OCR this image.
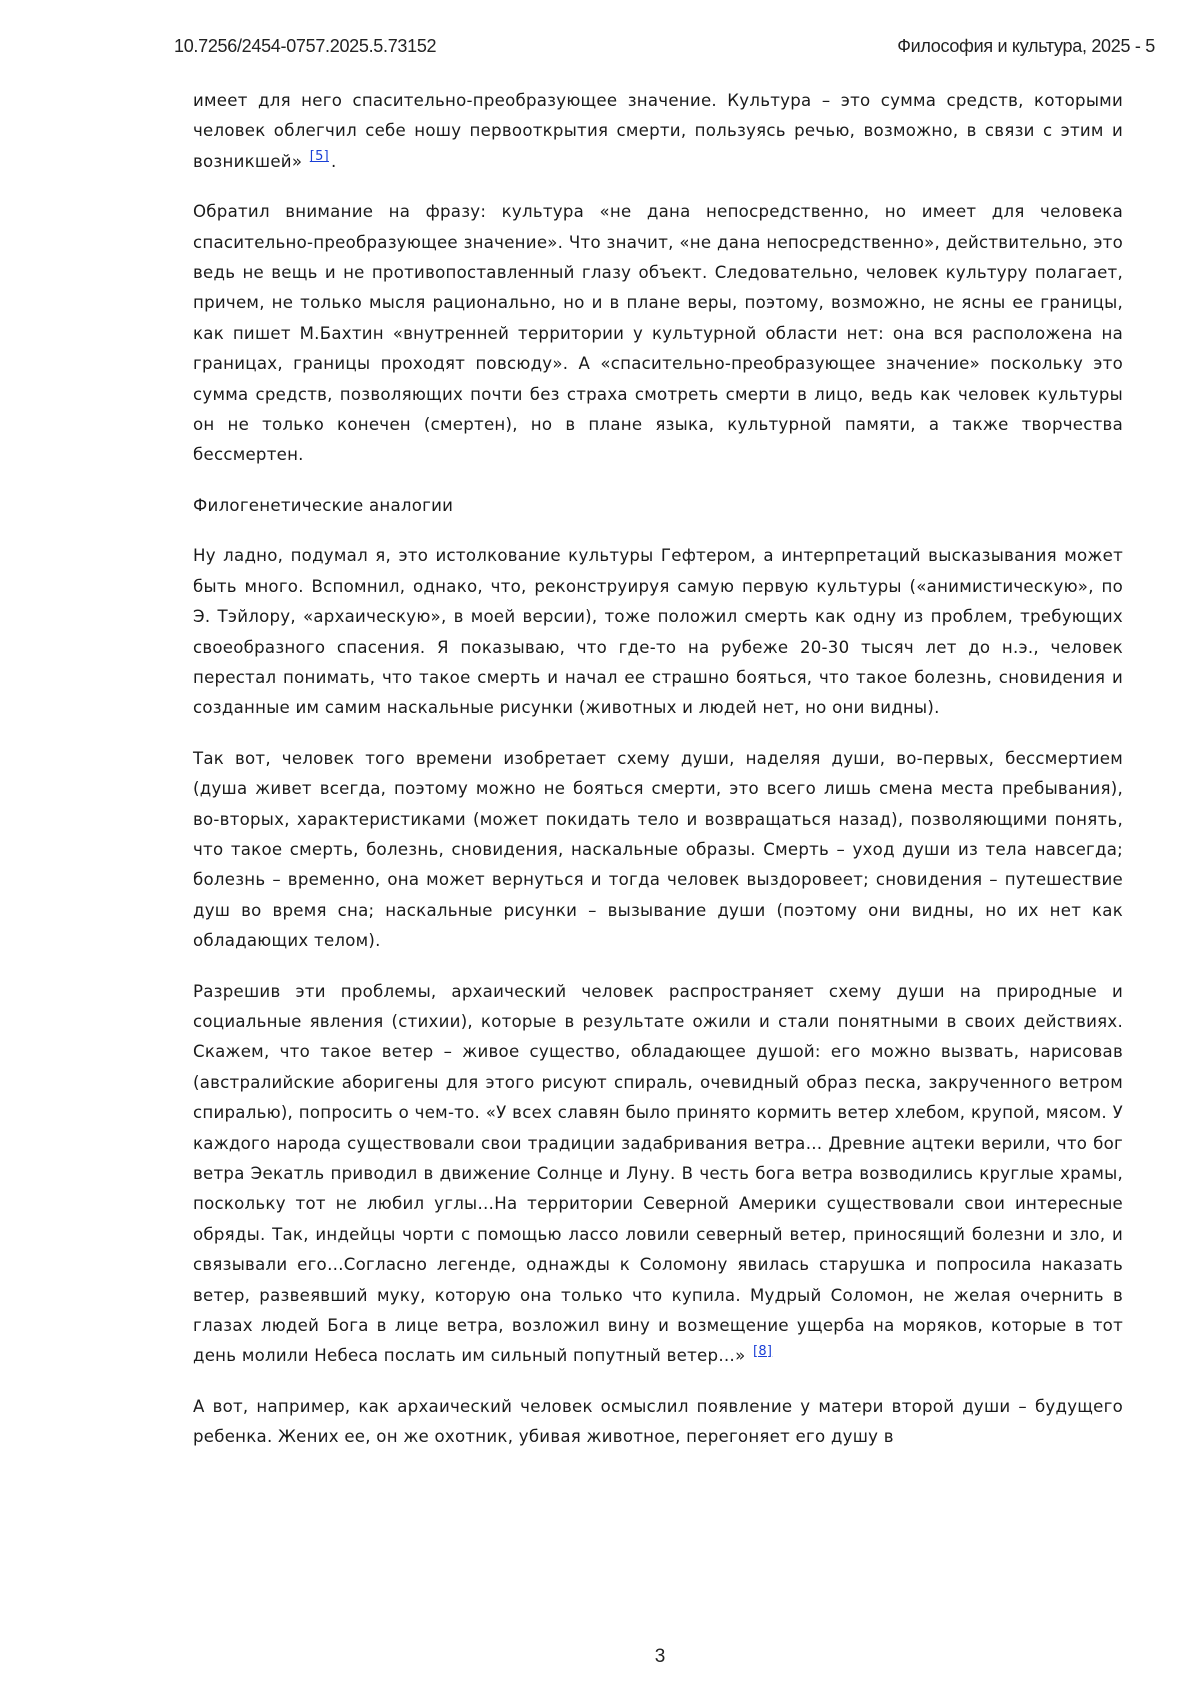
10.7256/2454-0757.2025.5.73152	Философия и культура, 2025 - 5

имеет для него спасительно-преобразующее значение. Культура – это сумма средств, которыми человек облегчил себе ношу первооткрытия смерти, пользуясь речью, возможно, в связи с этим и возникшей» [5] .

Обратил внимание на фразу: культура «не дана непосредственно, но имеет для человека спасительно-преобразующее значение». Что значит, «не дана непосредственно», действительно, это ведь не вещь и не противопоставленный глазу объект. Следовательно, человек культуру полагает, причем, не только мысля рационально, но и в плане веры, поэтому, возможно, не ясны ее границы, как пишет М.Бахтин «внутренней территории у культурной области нет: она вся расположена на границах, границы проходят повсюду». А «спасительно-преобразующее значение» поскольку это сумма средств, позволяющих почти без страха смотреть смерти в лицо, ведь как человек культуры он не только конечен (смертен), но в плане языка, культурной памяти, а также творчества бессмертен.

Филогенетические аналогии

Ну ладно, подумал я, это истолкование культуры Гефтером, а интерпретаций высказывания может быть много. Вспомнил, однако, что, реконструируя самую первую культуры («анимистическую», по Э. Тэйлору, «архаическую», в моей версии), тоже положил смерть как одну из проблем, требующих своеобразного спасения. Я показываю, что где-то на рубеже 20-30 тысяч лет до н.э., человек перестал понимать, что такое смерть и начал ее страшно бояться, что такое болезнь, сновидения и созданные им самим наскальные рисунки (животных и людей нет, но они видны).

Так вот, человек того времени изобретает схему души, наделяя души, во-первых, бессмертием (душа живет всегда, поэтому можно не бояться смерти, это всего лишь смена места пребывания), во-вторых, характеристиками (может покидать тело и возвращаться назад), позволяющими понять, что такое смерть, болезнь, сновидения, наскальные образы. Смерть – уход души из тела навсегда; болезнь – временно, она может вернуться и тогда человек выздоровеет; сновидения – путешествие душ во время сна; наскальные рисунки – вызывание души (поэтому они видны, но их нет как обладающих телом).

Разрешив эти проблемы, архаический человек распространяет схему души на природные и социальные явления (стихии), которые в результате ожили и стали понятными в своих действиях. Скажем, что такое ветер – живое существо, обладающее душой: его можно вызвать, нарисовав (австралийские аборигены для этого рисуют спираль, очевидный образ песка, закрученного ветром спиралью), попросить о чем-то. «У всех славян было принято кормить ветер хлебом, крупой, мясом. У каждого народа существовали свои традиции задабривания ветра… Древние ацтеки верили, что бог ветра Эекатль приводил в движение Солнце и Луну. В честь бога ветра возводились круглые храмы, поскольку тот не любил углы…На территории Северной Америки существовали свои интересные обряды. Так, индейцы чорти с помощью лассо ловили северный ветер, приносящий болезни и зло, и связывали его…Согласно легенде, однажды к Соломону явилась старушка и попросила наказать ветер, развеявший муку, которую она только что купила. Мудрый Соломон, не желая очернить в глазах людей Бога в лице ветра, возложил вину и возмещение ущерба на моряков, которые в тот день молили Небеса послать им сильный попутный ветер…» [8]

А вот, например, как архаический человек осмыслил появление у матери второй души – будущего ребенка. Жених ее, он же охотник, убивая животное, перегоняет его душу в

3
